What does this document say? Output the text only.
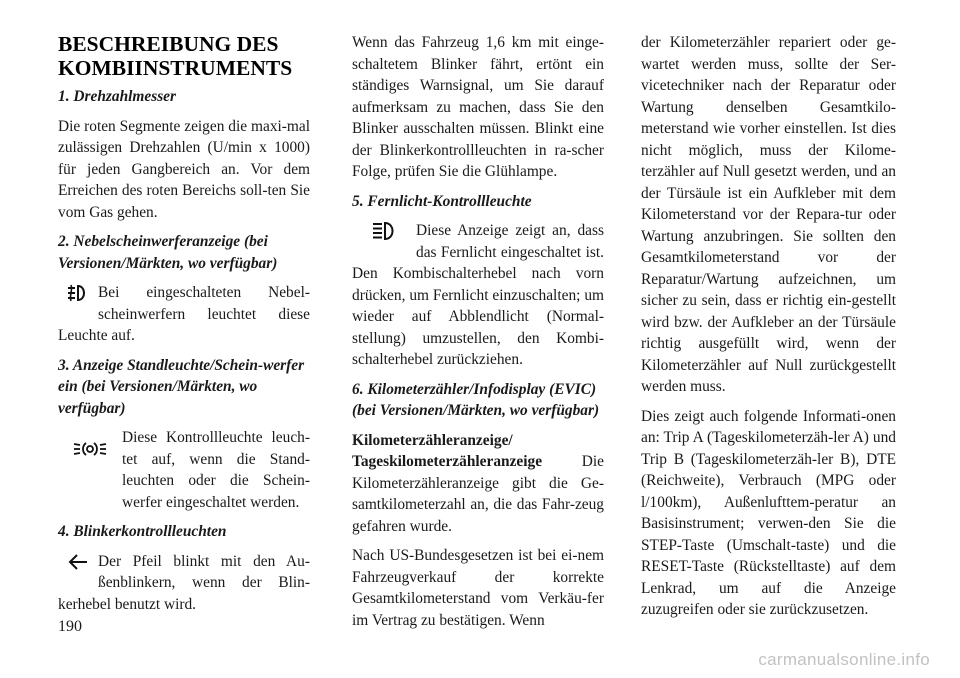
BESCHREIBUNG DES KOMBIINSTRUMENTS

1. Drehzahlmesser

Die roten Segmente zeigen die maxi-mal zulässigen Drehzahlen (U/min x 1000) für jeden Gangbereich an. Vor dem Erreichen des roten Bereichs soll-ten Sie vom Gas gehen.

2. Nebelscheinwerferanzeige (bei Versionen/Märkten, wo verfügbar)

Bei eingeschalteten Nebel-scheinwerfern leuchtet diese Leuchte auf.

3. Anzeige Standleuchte/Schein-werfer ein (bei Versionen/Märkten, wo verfügbar)

Diese Kontrollleuchte leuch-tet auf, wenn die Stand-leuchten oder die Schein-werfer eingeschaltet werden.

4. Blinkerkontrollleuchten

Der Pfeil blinkt mit den Au-ßenblinkern, wenn der Blin-kerhebel benutzt wird.

Wenn das Fahrzeug 1,6 km mit einge-schaltetem Blinker fährt, ertönt ein ständiges Warnsignal, um Sie darauf aufmerksam zu machen, dass Sie den Blinker ausschalten müssen. Blinkt eine der Blinkerkontrollleuchten in ra-scher Folge, prüfen Sie die Glühlampe.

5. Fernlicht-Kontrollleuchte

Diese Anzeige zeigt an, dass das Fernlicht eingeschaltet ist. Den Kombischalterhebel nach vorn drücken, um Fernlicht einzuschalten; um wieder auf Abblendlicht (Normal-stellung) umzustellen, den Kombi-schalterhebel zurückziehen.

6. Kilometerzähler/Infodisplay (EVIC) (bei Versionen/Märkten, wo verfügbar)

Kilometerzähleranzeige/ Tageskilometerzähleranzeige Die Kilometerzähleranzeige gibt die Ge-samtkilometerzahl an, die das Fahr-zeug gefahren wurde.

Nach US-Bundesgesetzen ist bei ei-nem Fahrzeugverkauf der korrekte Gesamtkilometerstand vom Verkäu-fer im Vertrag zu bestätigen. Wenn

der Kilometerzähler repariert oder ge-wartet werden muss, sollte der Ser-vicetechniker nach der Reparatur oder Wartung denselben Gesamtkilo-meterstand wie vorher einstellen. Ist dies nicht möglich, muss der Kilome-terzähler auf Null gesetzt werden, und an der Türsäule ist ein Aufkleber mit dem Kilometerstand vor der Repara-tur oder Wartung anzubringen. Sie sollten den Gesamtkilometerstand vor der Reparatur/Wartung aufzeichnen, um sicher zu sein, dass er richtig ein-gestellt wird bzw. der Aufkleber an der Türsäule richtig ausgefüllt wird, wenn der Kilometerzähler auf Null zurückgestellt werden muss.

Dies zeigt auch folgende Informati-onen an: Trip A (Tageskilometerzäh-ler A) und Trip B (Tageskilometerzäh-ler B), DTE (Reichweite), Verbrauch (MPG oder l/100km), Außenlufttem-peratur an Basisinstrument; verwen-den Sie die STEP-Taste (Umschalt-taste) und die RESET-Taste (Rückstelltaste) auf dem Lenkrad, um auf die Anzeige zuzugreifen oder sie zurückzusetzen.

190
carmanualsonline.info
